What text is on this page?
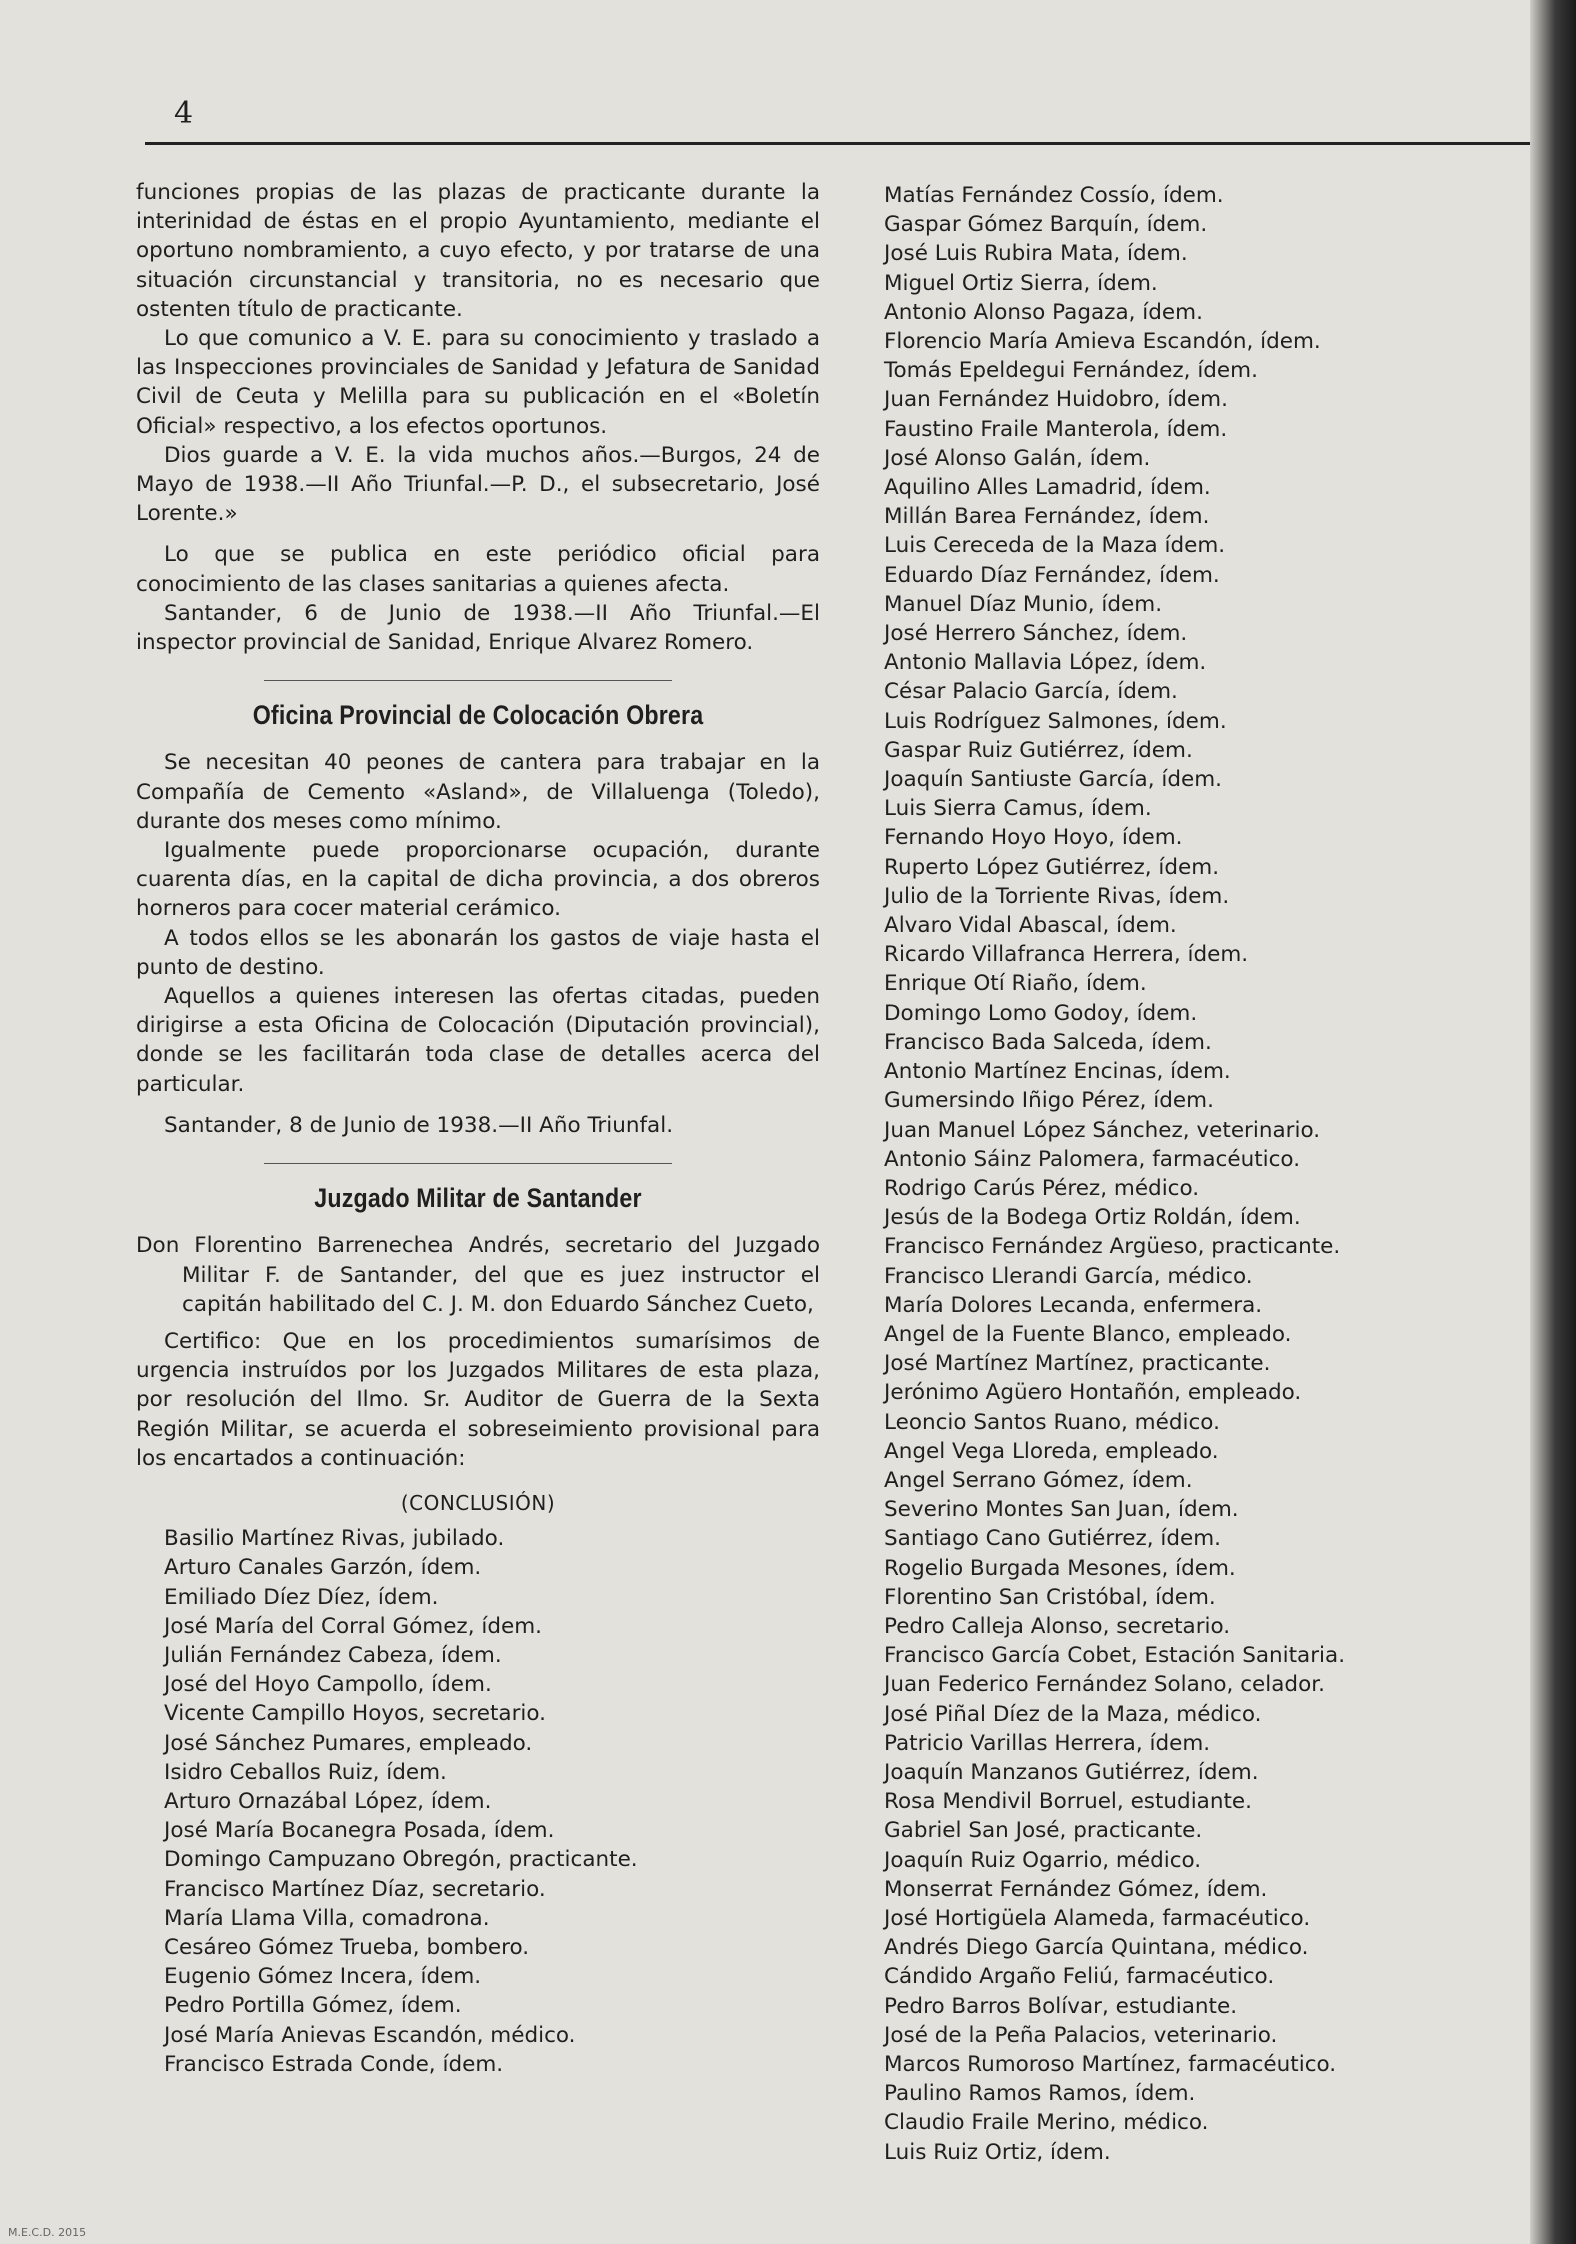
4

funciones propias de las plazas de practicante durante la interinidad de éstas en el propio Ayuntamiento, mediante el oportuno nombramiento, a cuyo efecto, y por tratarse de una situación circunstancial y transitoria, no es necesario que ostenten título de practicante.

Lo que comunico a V. E. para su conocimiento y traslado a las Inspecciones provinciales de Sanidad y Jefatura de Sanidad Civil de Ceuta y Melilla para su publicación en el «Boletín Oficial» respectivo, a los efectos oportunos.

Dios guarde a V. E. la vida muchos años.—Burgos, 24 de Mayo de 1938.—II Año Triunfal.—P. D., el subsecretario, José Lorente.»

Lo que se publica en este periódico oficial para conocimiento de las clases sanitarias a quienes afecta.

Santander, 6 de Junio de 1938.—II Año Triunfal.—El inspector provincial de Sanidad, Enrique Alvarez Romero.

Oficina Provincial de Colocación Obrera

Se necesitan 40 peones de cantera para trabajar en la Compañía de Cemento «Asland», de Villaluenga (Toledo), durante dos meses como mínimo.

Igualmente puede proporcionarse ocupación, durante cuarenta días, en la capital de dicha provincia, a dos obreros horneros para cocer material cerámico.

A todos ellos se les abonarán los gastos de viaje hasta el punto de destino.

Aquellos a quienes interesen las ofertas citadas, pueden dirigirse a esta Oficina de Colocación (Diputación provincial), donde se les facilitarán toda clase de detalles acerca del particular.

Santander, 8 de Junio de 1938.—II Año Triunfal.

Juzgado Militar de Santander

Don Florentino Barrenechea Andrés, secretario del Juzgado Militar F. de Santander, del que es juez instructor el capitán habilitado del C. J. M. don Eduardo Sánchez Cueto,

Certifico: Que en los procedimientos sumarísimos de urgencia instruídos por los Juzgados Militares de esta plaza, por resolución del Ilmo. Sr. Auditor de Guerra de la Sexta Región Militar, se acuerda el sobreseimiento provisional para los encartados a continuación:

(CONCLUSIÓN)
Basilio Martínez Rivas, jubilado.
Arturo Canales Garzón, ídem.
Emiliado Díez Díez, ídem.
José María del Corral Gómez, ídem.
Julián Fernández Cabeza, ídem.
José del Hoyo Campollo, ídem.
Vicente Campillo Hoyos, secretario.
José Sánchez Pumares, empleado.
Isidro Ceballos Ruiz, ídem.
Arturo Ornazábal López, ídem.
José María Bocanegra Posada, ídem.
Domingo Campuzano Obregón, practicante.
Francisco Martínez Díaz, secretario.
María Llama Villa, comadrona.
Cesáreo Gómez Trueba, bombero.
Eugenio Gómez Incera, ídem.
Pedro Portilla Gómez, ídem.
José María Anievas Escandón, médico.
Francisco Estrada Conde, ídem.
Matías Fernández Cossío, ídem.
Gaspar Gómez Barquín, ídem.
José Luis Rubira Mata, ídem.
Miguel Ortiz Sierra, ídem.
Antonio Alonso Pagaza, ídem.
Florencio María Amieva Escandón, ídem.
Tomás Epeldegui Fernández, ídem.
Juan Fernández Huidobro, ídem.
Faustino Fraile Manterola, ídem.
José Alonso Galán, ídem.
Aquilino Alles Lamadrid, ídem.
Millán Barea Fernández, ídem.
Luis Cereceda de la Maza ídem.
Eduardo Díaz Fernández, ídem.
Manuel Díaz Munio, ídem.
José Herrero Sánchez, ídem.
Antonio Mallavia López, ídem.
César Palacio García, ídem.
Luis Rodríguez Salmones, ídem.
Gaspar Ruiz Gutiérrez, ídem.
Joaquín Santiuste García, ídem.
Luis Sierra Camus, ídem.
Fernando Hoyo Hoyo, ídem.
Ruperto López Gutiérrez, ídem.
Julio de la Torriente Rivas, ídem.
Alvaro Vidal Abascal, ídem.
Ricardo Villafranca Herrera, ídem.
Enrique Otí Riaño, ídem.
Domingo Lomo Godoy, ídem.
Francisco Bada Salceda, ídem.
Antonio Martínez Encinas, ídem.
Gumersindo Iñigo Pérez, ídem.
Juan Manuel López Sánchez, veterinario.
Antonio Sáinz Palomera, farmacéutico.
Rodrigo Carús Pérez, médico.
Jesús de la Bodega Ortiz Roldán, ídem.
Francisco Fernández Argüeso, practicante.
Francisco Llerandi García, médico.
María Dolores Lecanda, enfermera.
Angel de la Fuente Blanco, empleado.
José Martínez Martínez, practicante.
Jerónimo Agüero Hontañón, empleado.
Leoncio Santos Ruano, médico.
Angel Vega Lloreda, empleado.
Angel Serrano Gómez, ídem.
Severino Montes San Juan, ídem.
Santiago Cano Gutiérrez, ídem.
Rogelio Burgada Mesones, ídem.
Florentino San Cristóbal, ídem.
Pedro Calleja Alonso, secretario.
Francisco García Cobet, Estación Sanitaria.
Juan Federico Fernández Solano, celador.
José Piñal Díez de la Maza, médico.
Patricio Varillas Herrera, ídem.
Joaquín Manzanos Gutiérrez, ídem.
Rosa Mendivil Borruel, estudiante.
Gabriel San José, practicante.
Joaquín Ruiz Ogarrio, médico.
Monserrat Fernández Gómez, ídem.
José Hortigüela Alameda, farmacéutico.
Andrés Diego García Quintana, médico.
Cándido Argaño Feliú, farmacéutico.
Pedro Barros Bolívar, estudiante.
José de la Peña Palacios, veterinario.
Marcos Rumoroso Martínez, farmacéutico.
Paulino Ramos Ramos, ídem.
Claudio Fraile Merino, médico.
Luis Ruiz Ortiz, ídem.
M.E.C.D. 2015
